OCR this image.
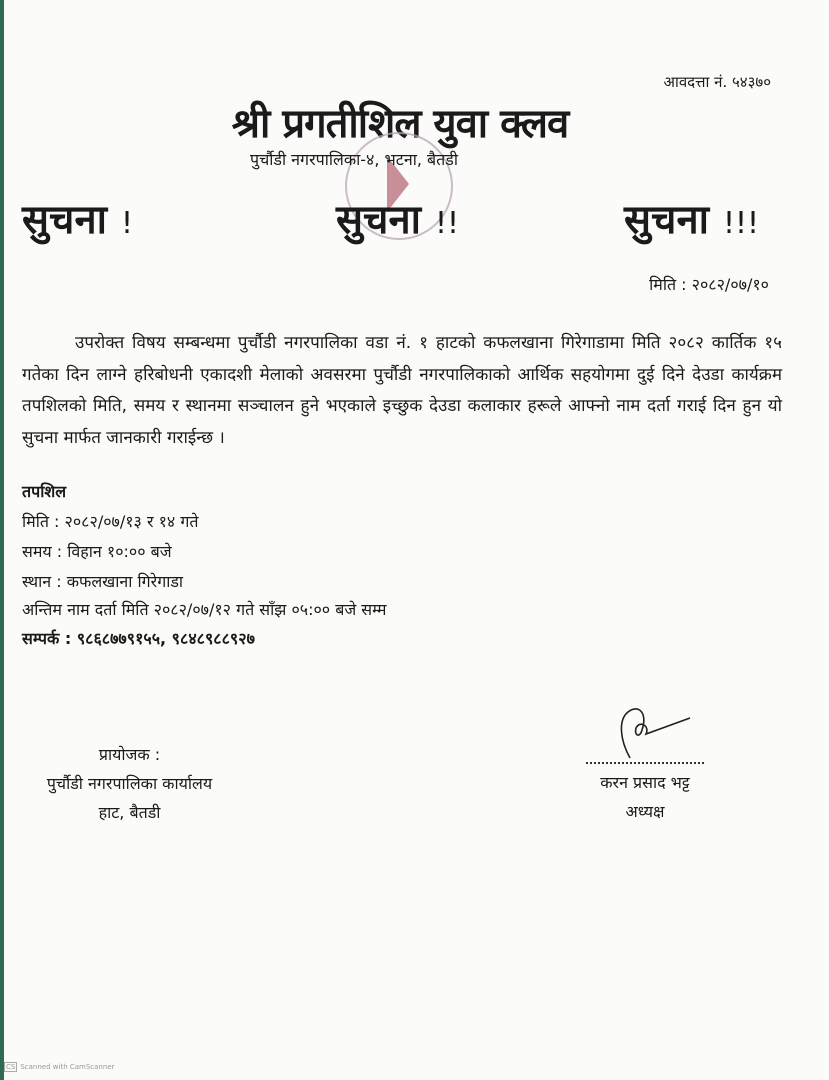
आवदत्ता नं. ५४३७०
श्री प्रगतीशिल युवा क्लव
पुर्चौडी नगरपालिका-४, भटना, बैतडी
सुचना !	सुचना !!	सुचना !!!
मिति : २०८२/०७/१०
उपरोक्त विषय सम्बन्धमा पुर्चौडी नगरपालिका वडा नं. १ हाटको कफलखाना गिरेगाडामा मिति २०८२ कार्तिक १५ गतेका दिन लाग्ने हरिबोधनी एकादशी मेलाको अवसरमा पुर्चौडी नगरपालिकाको आर्थिक सहयोगमा दुई दिने देउडा कार्यक्रम तपशिलको मिति, समय र स्थानमा सञ्चालन हुने भएकाले इच्छुक देउडा कलाकार हरूले आफ्नो नाम दर्ता गराई दिन हुन यो सुचना मार्फत जानकारी गराईन्छ ।
तपशिल
मिति : २०८२/०७/१३ र १४ गते
समय : विहान १०:०० बजे
स्थान : कफलखाना गिरेगाडा
अन्तिम नाम दर्ता मिति २०८२/०७/१२ गते साँझ ०५:०० बजे सम्म
सम्पर्क : ९८६८७७९१५५, ९८४८९८८९२७
प्रायोजक :
पुर्चौडी नगरपालिका कार्यालय
हाट, बैतडी
करन प्रसाद भट्ट
अध्यक्ष
CS Scanned with CamScanner
